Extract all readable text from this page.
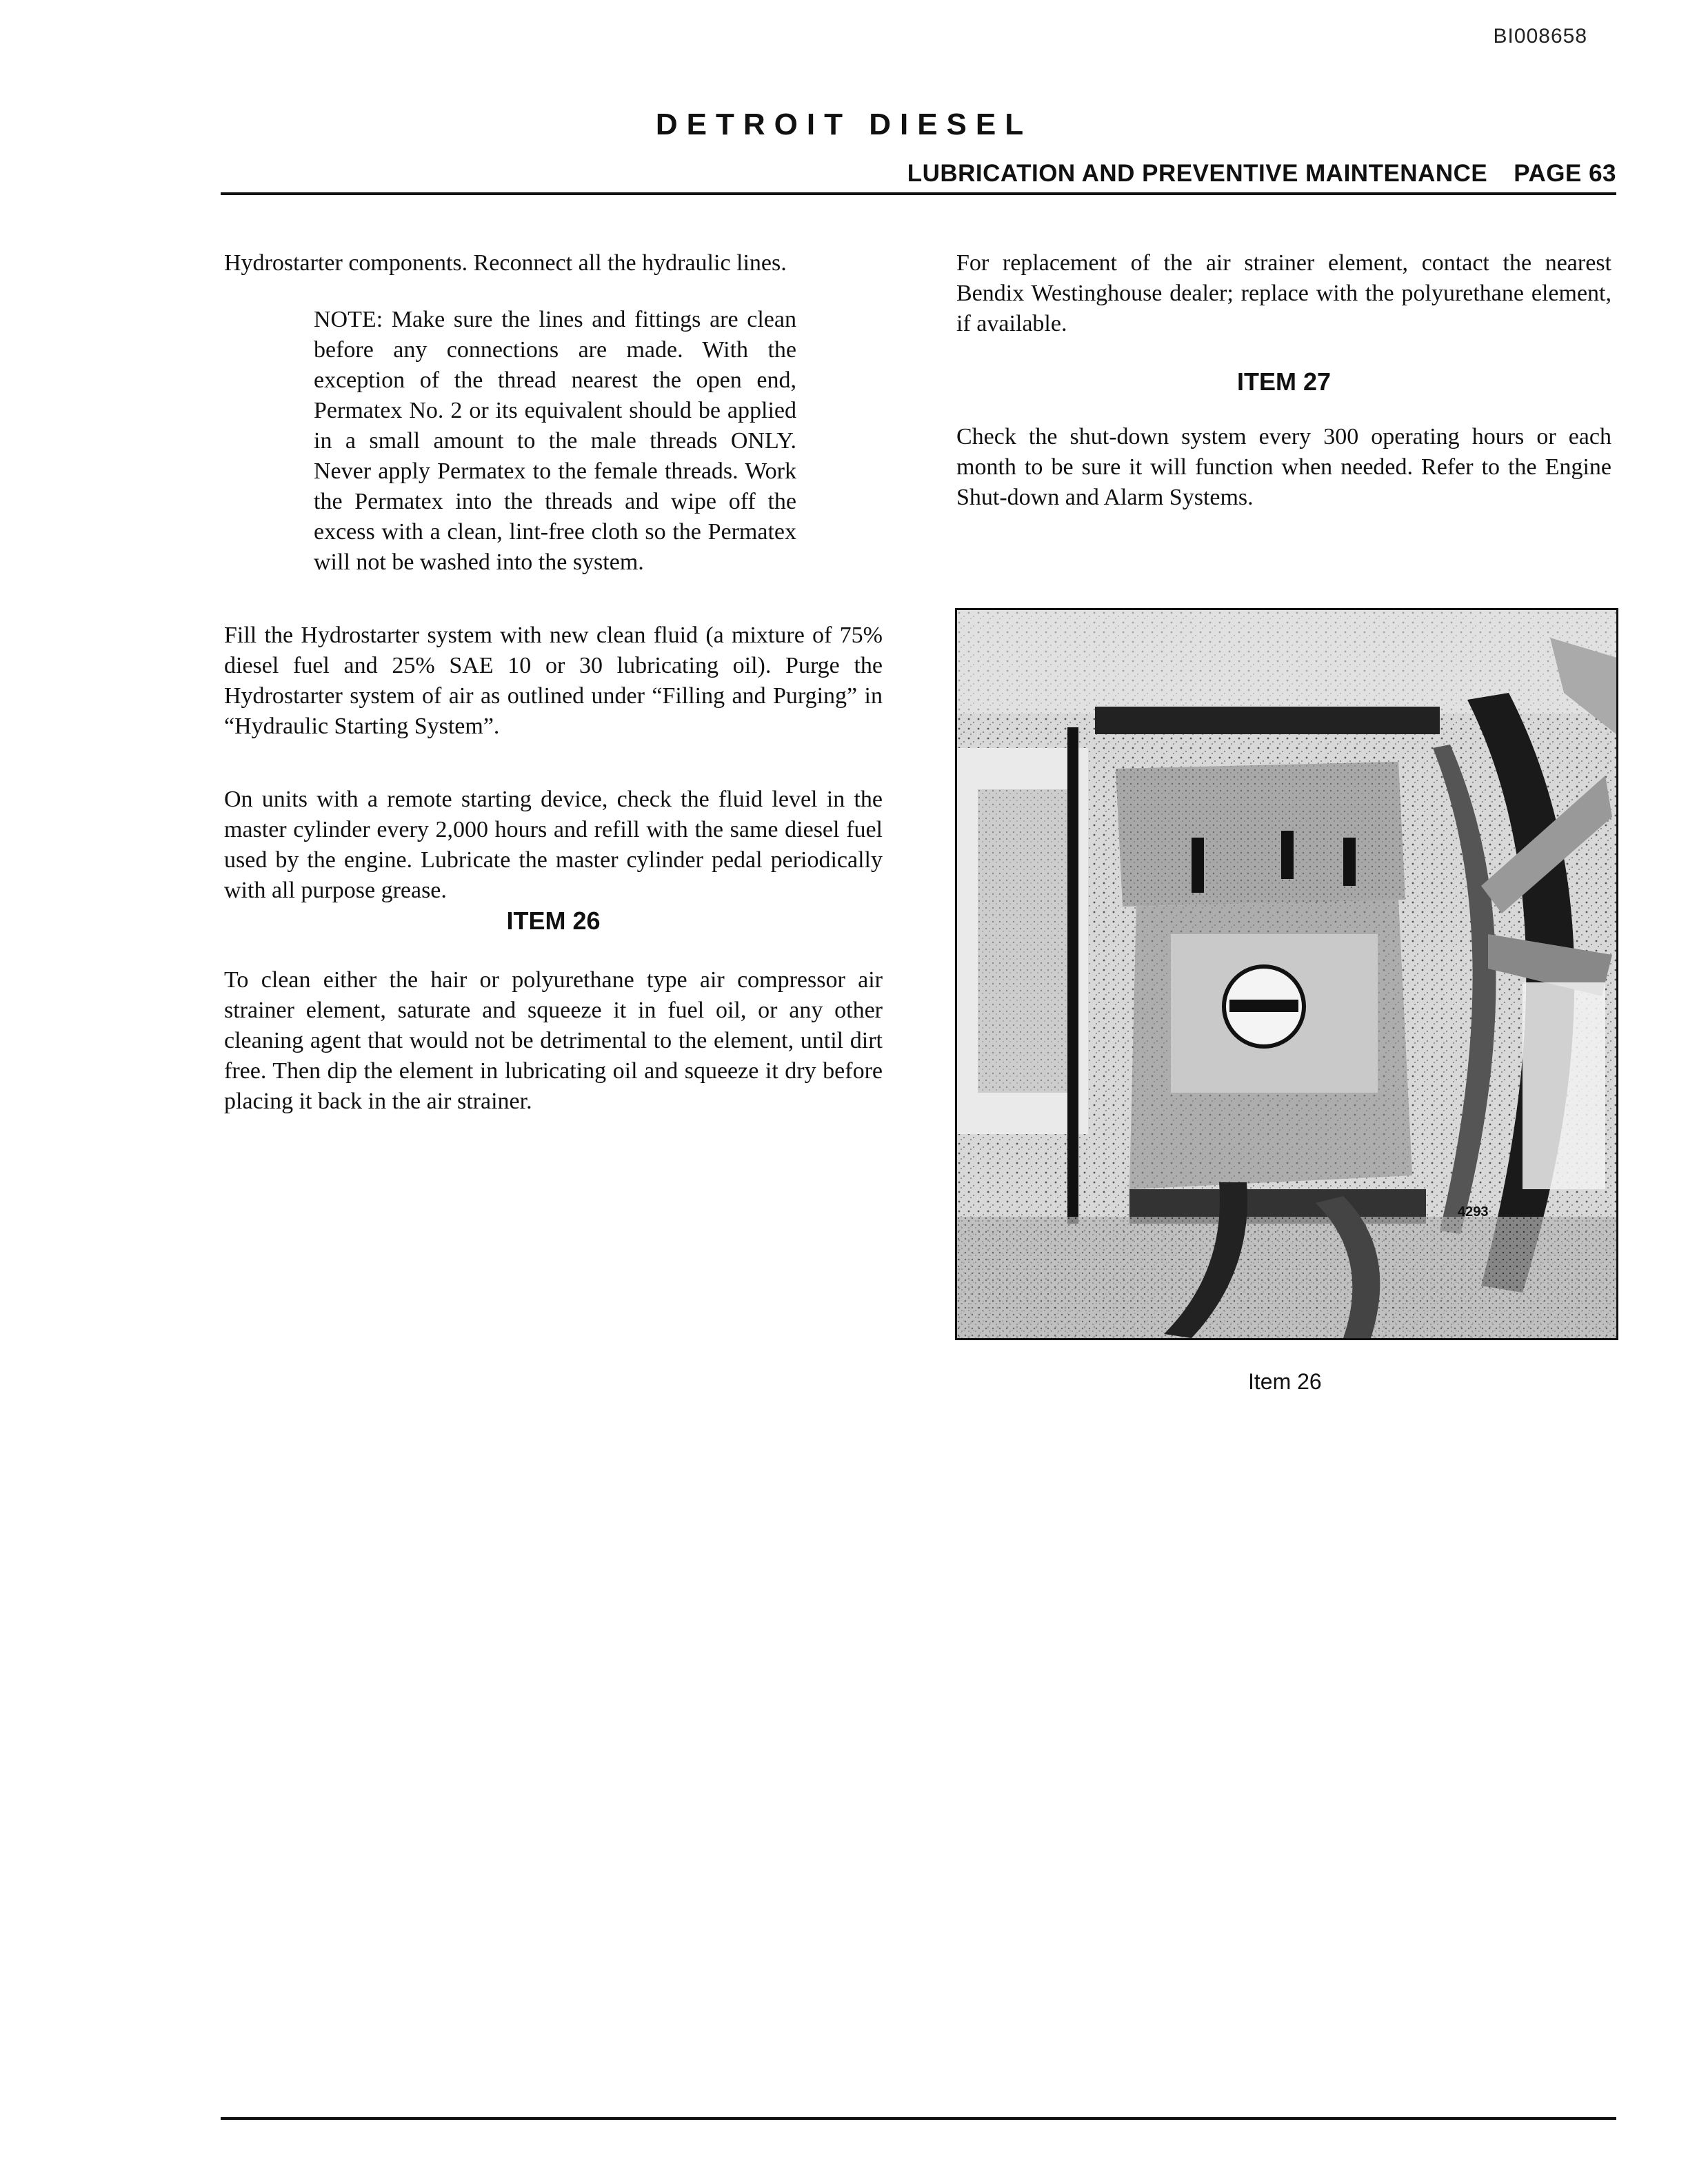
BI008658
DETROIT DIESEL
LUBRICATION AND PREVENTIVE MAINTENANCE PAGE 63

Hydrostarter components. Reconnect all the hydraulic lines.

NOTE: Make sure the lines and fittings are clean before any connections are made. With the exception of the thread nearest the open end, Permatex No. 2 or its equivalent should be applied in a small amount to the male threads ONLY. Never apply Permatex to the female threads. Work the Permatex into the threads and wipe off the excess with a clean, lint-free cloth so the Permatex will not be washed into the system.

Fill the Hydrostarter system with new clean fluid (a mixture of 75% diesel fuel and 25% SAE 10 or 30 lubricating oil). Purge the Hydrostarter system of air as outlined under “Filling and Purging” in “Hydraulic Starting System”.

On units with a remote starting device, check the fluid level in the master cylinder every 2,000 hours and refill with the same diesel fuel used by the engine. Lubricate the master cylinder pedal periodically with all purpose grease.

ITEM 26

To clean either the hair or polyurethane type air compressor air strainer element, saturate and squeeze it in fuel oil, or any other cleaning agent that would not be detrimental to the element, until dirt free. Then dip the element in lubricating oil and squeeze it dry before placing it back in the air strainer.

For replacement of the air strainer element, contact the nearest Bendix Westinghouse dealer; replace with the polyurethane element, if available.

ITEM 27

Check the shut-down system every 300 operating hours or each month to be sure it will function when needed. Refer to the Engine Shut-down and Alarm Systems.

4293
Item 26
